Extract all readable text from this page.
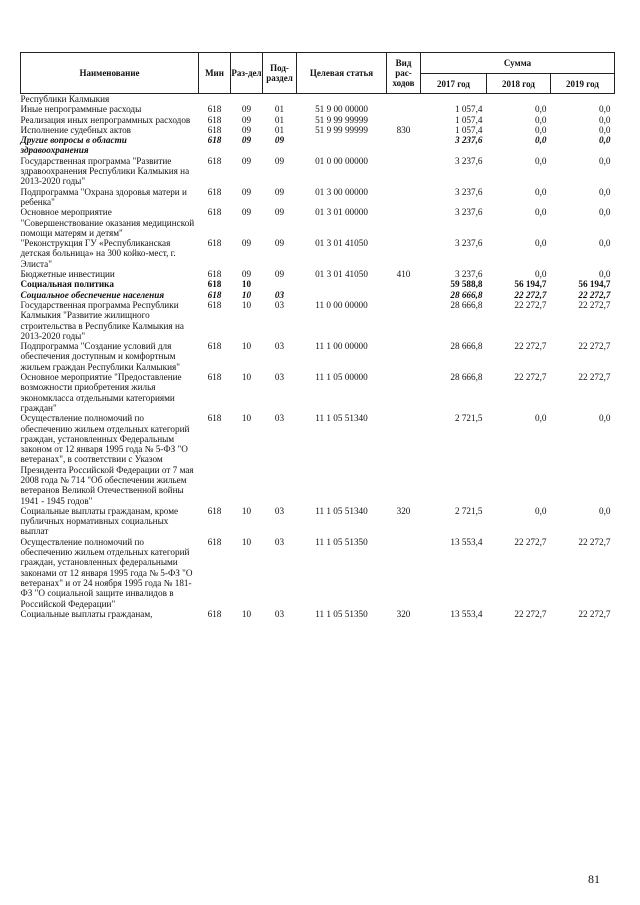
Наименование	Мин	Раз-дел	Под-раздел	Целевая статья	Вид рас-ходов	Сумма		
						2017 год	2018 год	2019 год
Республики Калмыкия								
Иные непрограммные расходы	618	09	01	51 9 00 00000		1 057,4	0,0	0,0
Реализация иных непрограммных расходов	618	09	01	51 9 99 99999		1 057,4	0,0	0,0
Исполнение судебных актов	618	09	01	51 9 99 99999	830	1 057,4	0,0	0,0
Другие вопросы в области здравоохранения	618	09	09			3 237,6	0,0	0,0
Государственная программа "Развитие здравоохранения Республики Калмыкия на 2013-2020 годы"	618	09	09	01 0 00 00000		3 237,6	0,0	0,0
Подпрограмма "Охрана здоровья матери и ребенка"	618	09	09	01 3 00 00000		3 237,6	0,0	0,0
Основное мероприятие "Совершенствование оказания медицинской помощи матерям и детям"	618	09	09	01 3 01 00000		3 237,6	0,0	0,0
"Реконструкция ГУ «Республиканская детская больница» на 300 койко-мест, г. Элиста"	618	09	09	01 3 01 41050		3 237,6	0,0	0,0
Бюджетные инвестиции	618	09	09	01 3 01 41050	410	3 237,6	0,0	0,0
Социальная политика	618	10				59 588,8	56 194,7	56 194,7
Социальное обеспечение населения	618	10	03			28 666,8	22 272,7	22 272,7
Государственная программа Республики Калмыкия "Развитие жилищного строительства в Республике Калмыкия на 2013-2020 годы"	618	10	03	11 0 00 00000		28 666,8	22 272,7	22 272,7
Подпрограмма "Создание условий для обеспечения доступным и комфортным жильем граждан Республики Калмыкия"	618	10	03	11 1 00 00000		28 666,8	22 272,7	22 272,7
Основное мероприятие "Предоставление возможности приобретения жилья экономкласса отдельными категориями граждан"	618	10	03	11 1 05 00000		28 666,8	22 272,7	22 272,7
Осуществление полномочий по обеспечению жильем отдельных категорий граждан, установленных Федеральным законом от 12 января 1995 года № 5-ФЗ "О ветеранах", в соответствии с Указом Президента Российской Федерации от 7 мая 2008 года № 714 "Об обеспечении жильем ветеранов Великой Отечественной войны 1941 - 1945 годов"	618	10	03	11 1 05 51340		2 721,5	0,0	0,0
Социальные выплаты гражданам, кроме публичных нормативных социальных выплат	618	10	03	11 1 05 51340	320	2 721,5	0,0	0,0
Осуществление полномочий по обеспечению жильем отдельных категорий граждан, установленных федеральными законами от 12 января 1995 года № 5-ФЗ "О ветеранах" и от 24 ноября 1995 года № 181-ФЗ "О социальной защите инвалидов в Российской Федерации"	618	10	03	11 1 05 51350		13 553,4	22 272,7	22 272,7
Социальные выплаты гражданам,	618	10	03	11 1 05 51350	320	13 553,4	22 272,7	22 272,7
81
